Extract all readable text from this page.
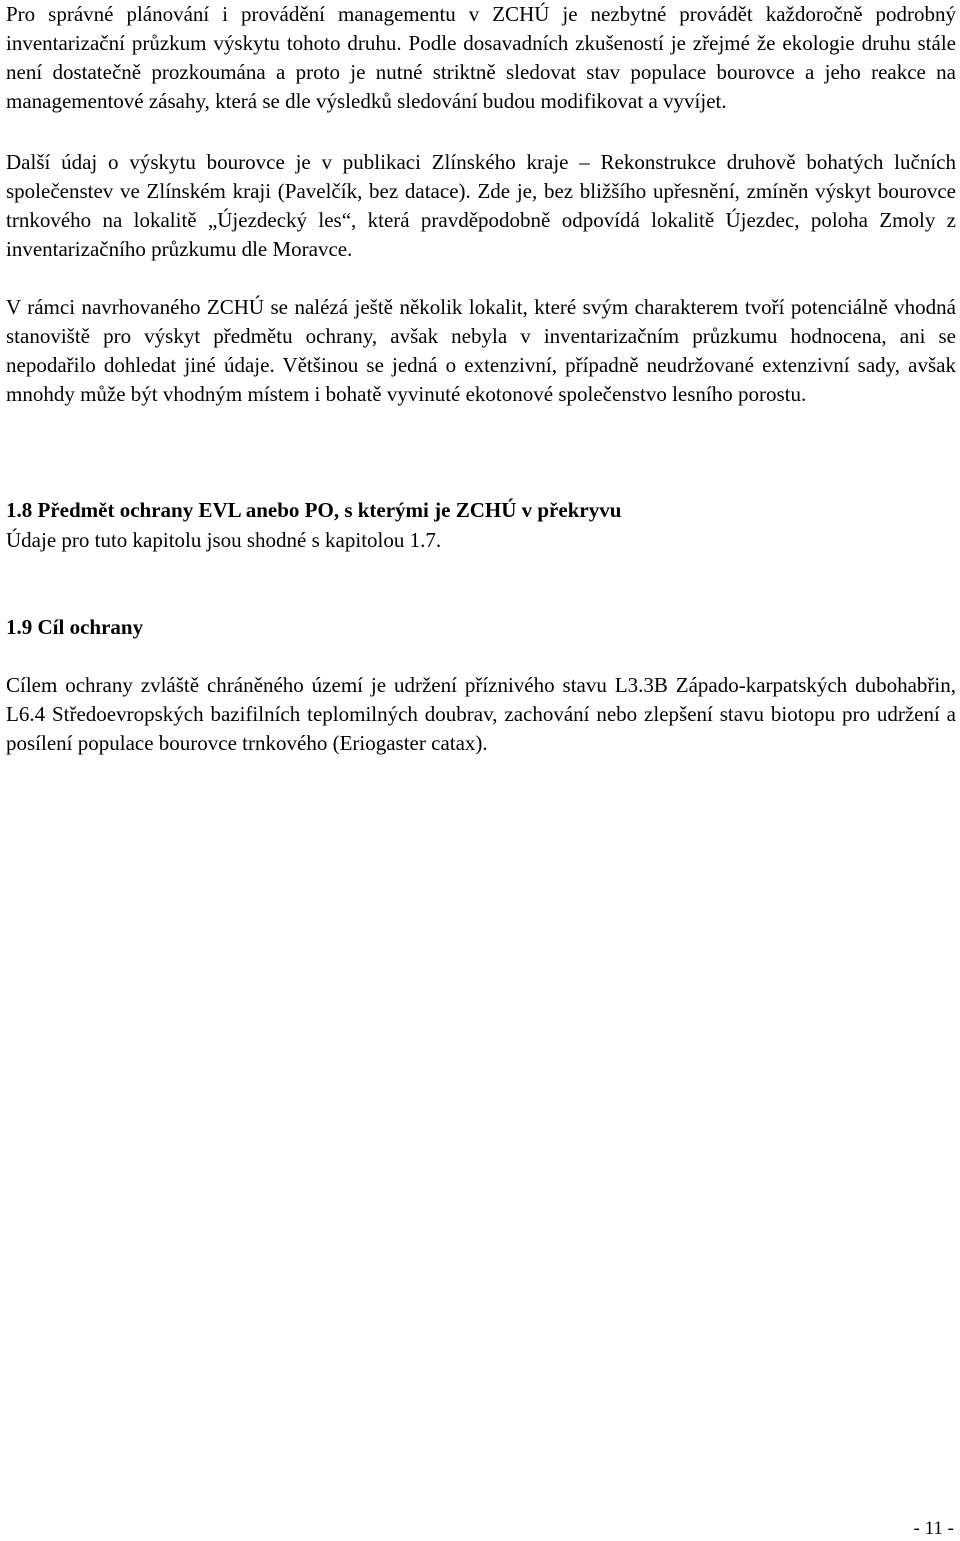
Pro správné plánování i provádění managementu v ZCHÚ je nezbytné provádět každoročně podrobný inventarizační průzkum výskytu tohoto druhu. Podle dosavadních zkušeností je zřejmé že ekologie druhu stále není dostatečně prozkoumána a proto je nutné striktně sledovat stav populace bourovce a jeho reakce na managementové zásahy, která se dle výsledků sledování budou modifikovat a vyvíjet.

Další údaj o výskytu bourovce je v publikaci Zlínského kraje – Rekonstrukce druhově bohatých lučních společenstev ve Zlínském kraji (Pavelčík, bez datace). Zde je, bez bližšího upřesnění, zmíněn výskyt bourovce trnkového na lokalitě „Újezdecký les“, která pravděpodobně odpovídá lokalitě Újezdec, poloha Zmoly z inventarizačního průzkumu dle Moravce.

V rámci navrhovaného ZCHÚ se nalézá ještě několik lokalit, které svým charakterem tvoří potenciálně vhodná stanoviště pro výskyt předmětu ochrany, avšak nebyla v inventarizačním průzkumu hodnocena, ani se nepodařilo dohledat jiné údaje. Většinou se jedná o extenzivní, případně neudržované extenzivní sady, avšak mnohdy může být vhodným místem i bohatě vyvinuté ekotonové společenstvo lesního porostu.

1.8 Předmět ochrany EVL anebo PO, s kterými je ZCHÚ v překryvu

Údaje pro tuto kapitolu jsou shodné s kapitolou 1.7.

1.9 Cíl ochrany

Cílem ochrany zvláště chráněného území je udržení příznivého stavu L3.3B Západo-karpatských dubohabřin, L6.4 Středoevropských bazifilních teplomilných doubrav, zachování nebo zlepšení stavu biotopu pro udržení a posílení populace bourovce trnkového (Eriogaster catax).

- 11 -
